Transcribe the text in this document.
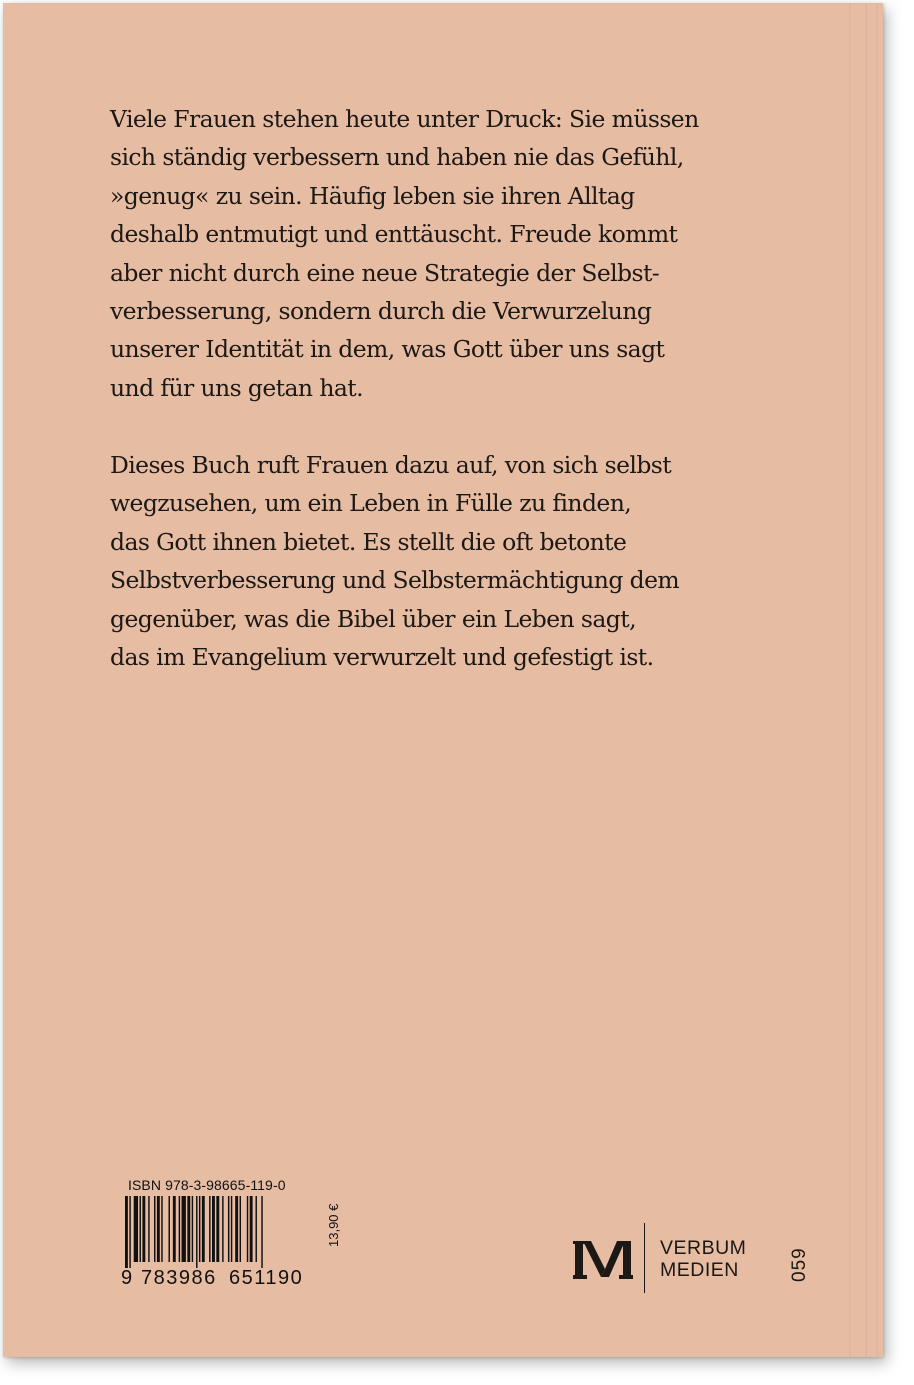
Viele Frauen stehen heute unter Druck: Sie müssen
sich ständig verbessern und haben nie das Gefühl,
»genug« zu sein. Häufig leben sie ihren Alltag
deshalb entmutigt und enttäuscht. Freude kommt
aber nicht durch eine neue Strategie der Selbst-
verbesserung, sondern durch die Verwurzelung
unserer Identität in dem, was Gott über uns sagt
und für uns getan hat.

Dieses Buch ruft Frauen dazu auf, von sich selbst
wegzusehen, um ein Leben in Fülle zu finden,
das Gott ihnen bietet. Es stellt die oft betonte
Selbstverbesserung und Selbstermächtigung dem
gegenüber, was die Bibel über ein Leben sagt,
das im Evangelium verwurzelt und gefestigt ist.

ISBN 978-3-98665-119-0
9 783986 651190
13,90 €
VERBUM
MEDIEN	059
